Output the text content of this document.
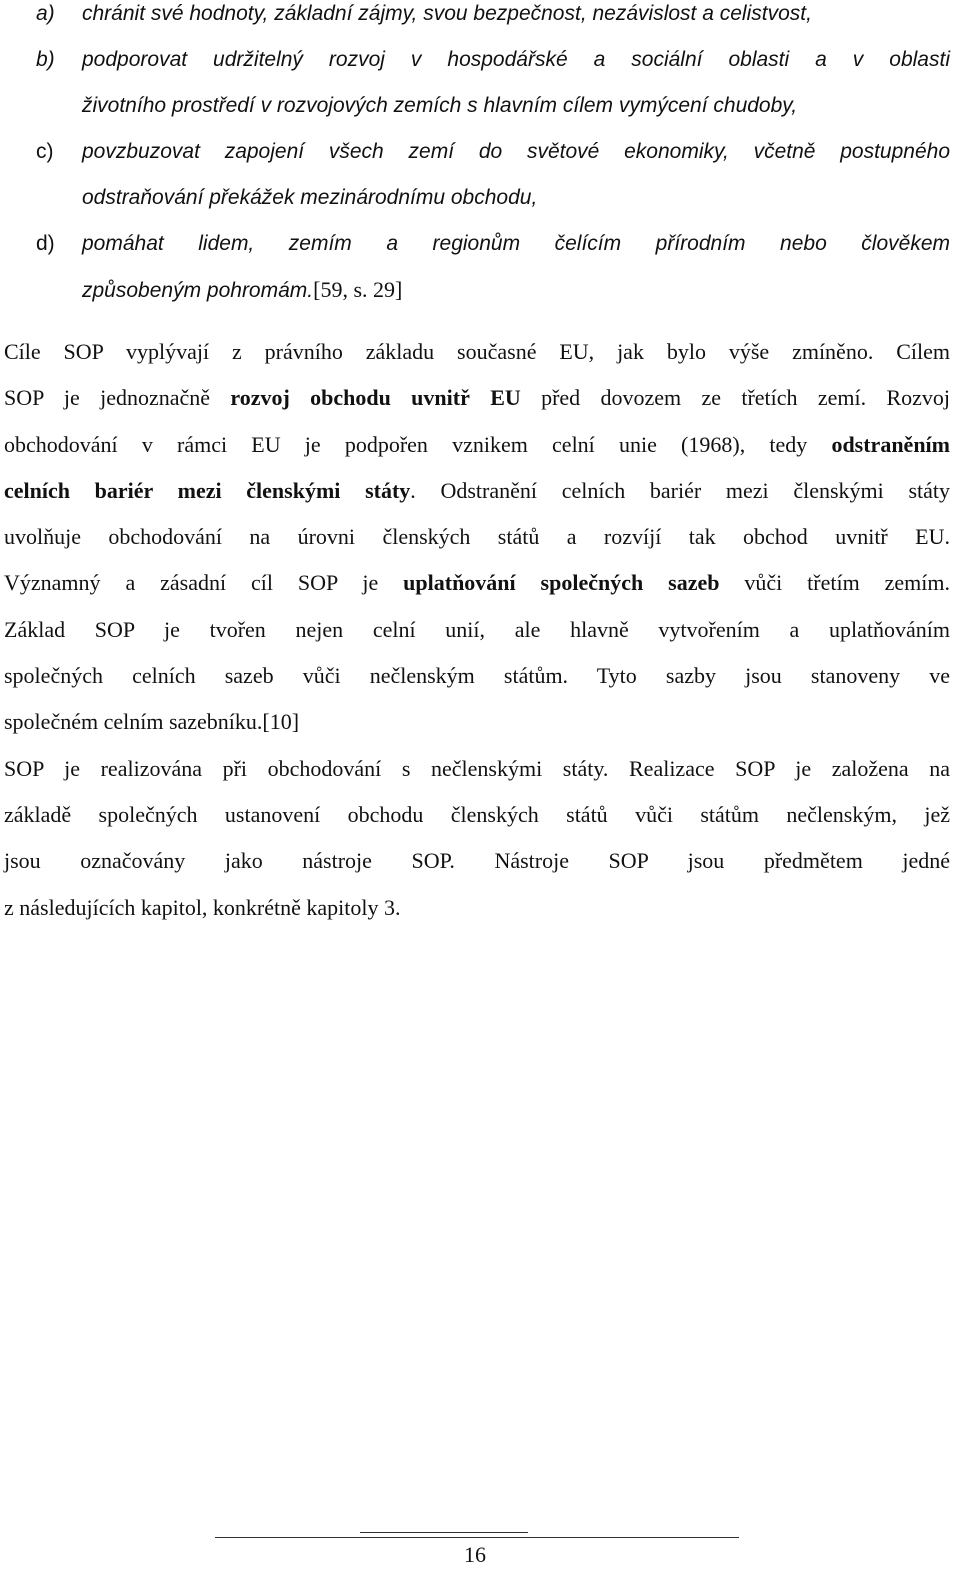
a) chránit své hodnoty, základní zájmy, svou bezpečnost, nezávislost a celistvost,
b) podporovat udržitelný rozvoj v hospodářské a sociální oblasti a v oblasti
životního prostředí v rozvojových zemích s hlavním cílem vymýcení chudoby,
c) povzbuzovat zapojení všech zemí do světové ekonomiky, včetně postupného
odstraňování překážek mezinárodnímu obchodu,
d) pomáhat lidem, zemím a regionům čelícím přírodním nebo člověkem
způsobeným pohromám.[59, s. 29]

Cíle SOP vyplývají z právního základu současné EU, jak bylo výše zmíněno. Cílem
SOP je jednoznačně rozvoj obchodu uvnitř EU před dovozem ze třetích zemí. Rozvoj
obchodování v rámci EU je podpořen vznikem celní unie (1968), tedy odstraněním
celních bariér mezi členskými státy. Odstranění celních bariér mezi členskými státy
uvolňuje obchodování na úrovni členských států a rozvíjí tak obchod uvnitř EU.
Významný a zásadní cíl SOP je uplatňování společných sazeb vůči třetím zemím.
Základ SOP je tvořen nejen celní unií, ale hlavně vytvořením a uplatňováním
společných celních sazeb vůči nečlenským státům. Tyto sazby jsou stanoveny ve
společném celním sazebníku.[10]

SOP je realizována při obchodování s nečlenskými státy. Realizace SOP je založena na
základě společných ustanovení obchodu členských států vůči státům nečlenským, jež
jsou označovány jako nástroje SOP. Nástroje SOP jsou předmětem jedné
z následujících kapitol, konkrétně kapitoly 3.

16
